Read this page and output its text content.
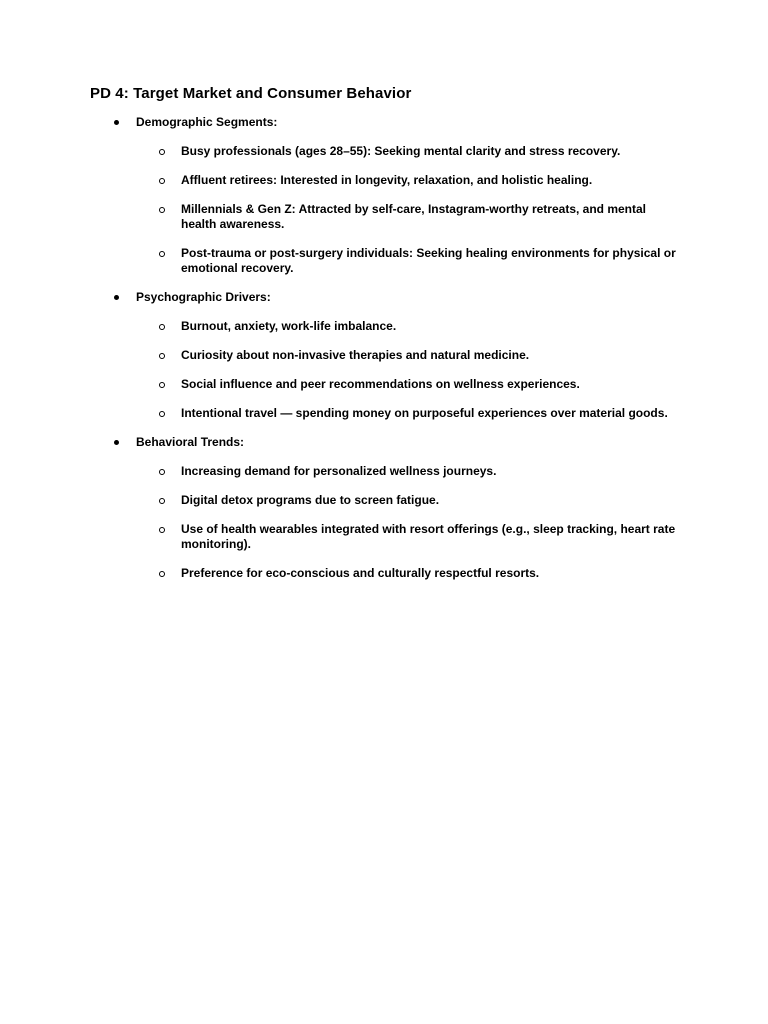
PD 4: Target Market and Consumer Behavior
Demographic Segments:
Busy professionals (ages 28–55): Seeking mental clarity and stress recovery.
Affluent retirees: Interested in longevity, relaxation, and holistic healing.
Millennials & Gen Z: Attracted by self-care, Instagram-worthy retreats, and mental health awareness.
Post-trauma or post-surgery individuals: Seeking healing environments for physical or emotional recovery.
Psychographic Drivers:
Burnout, anxiety, work-life imbalance.
Curiosity about non-invasive therapies and natural medicine.
Social influence and peer recommendations on wellness experiences.
Intentional travel — spending money on purposeful experiences over material goods.
Behavioral Trends:
Increasing demand for personalized wellness journeys.
Digital detox programs due to screen fatigue.
Use of health wearables integrated with resort offerings (e.g., sleep tracking, heart rate monitoring).
Preference for eco-conscious and culturally respectful resorts.
